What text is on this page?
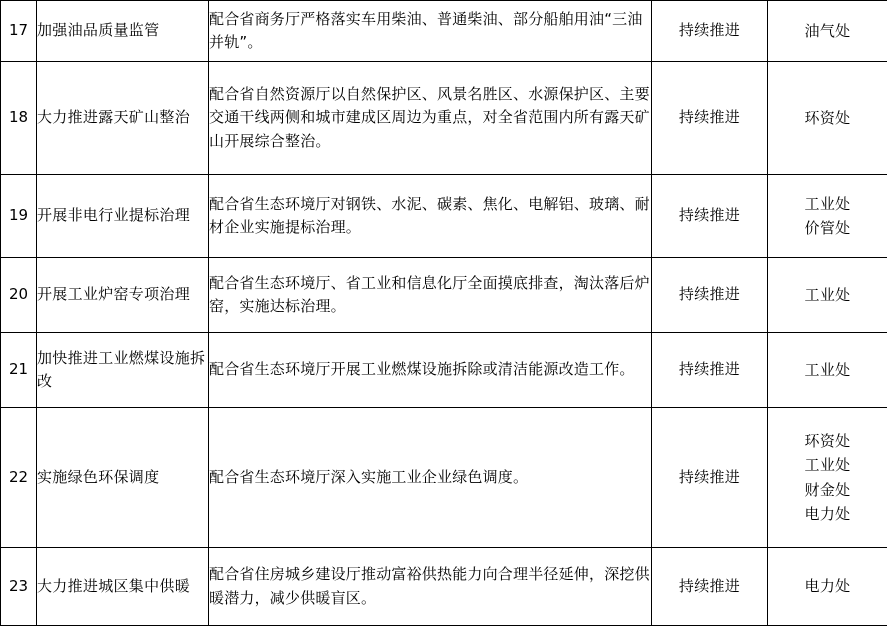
17	加强油品质量监管	配合省商务厅严格落实车用柴油、普通柴油、部分船舶用油“三油并轨”。	持续推进	油气处

18	大力推进露天矿山整治	配合省自然资源厅以自然保护区、风景名胜区、水源保护区、主要交通干线两侧和城市建成区周边为重点，对全省范围内所有露天矿山开展综合整治。	持续推进	环资处

19	开展非电行业提标治理	配合省生态环境厅对钢铁、水泥、碳素、焦化、电解铝、玻璃、耐材企业实施提标治理。	持续推进	工业处
价管处

20	开展工业炉窑专项治理	配合省生态环境厅、省工业和信息化厅全面摸底排查，淘汰落后炉窑，实施达标治理。	持续推进	工业处

21	加快推进工业燃煤设施拆改	配合省生态环境厅开展工业燃煤设施拆除或清洁能源改造工作。	持续推进	工业处

22	实施绿色环保调度	配合省生态环境厅深入实施工业企业绿色调度。	持续推进	环资处
工业处
财金处
电力处

23	大力推进城区集中供暖	配合省住房城乡建设厅推动富裕供热能力向合理半径延伸，深挖供暖潜力，减少供暖盲区。	持续推进	电力处
